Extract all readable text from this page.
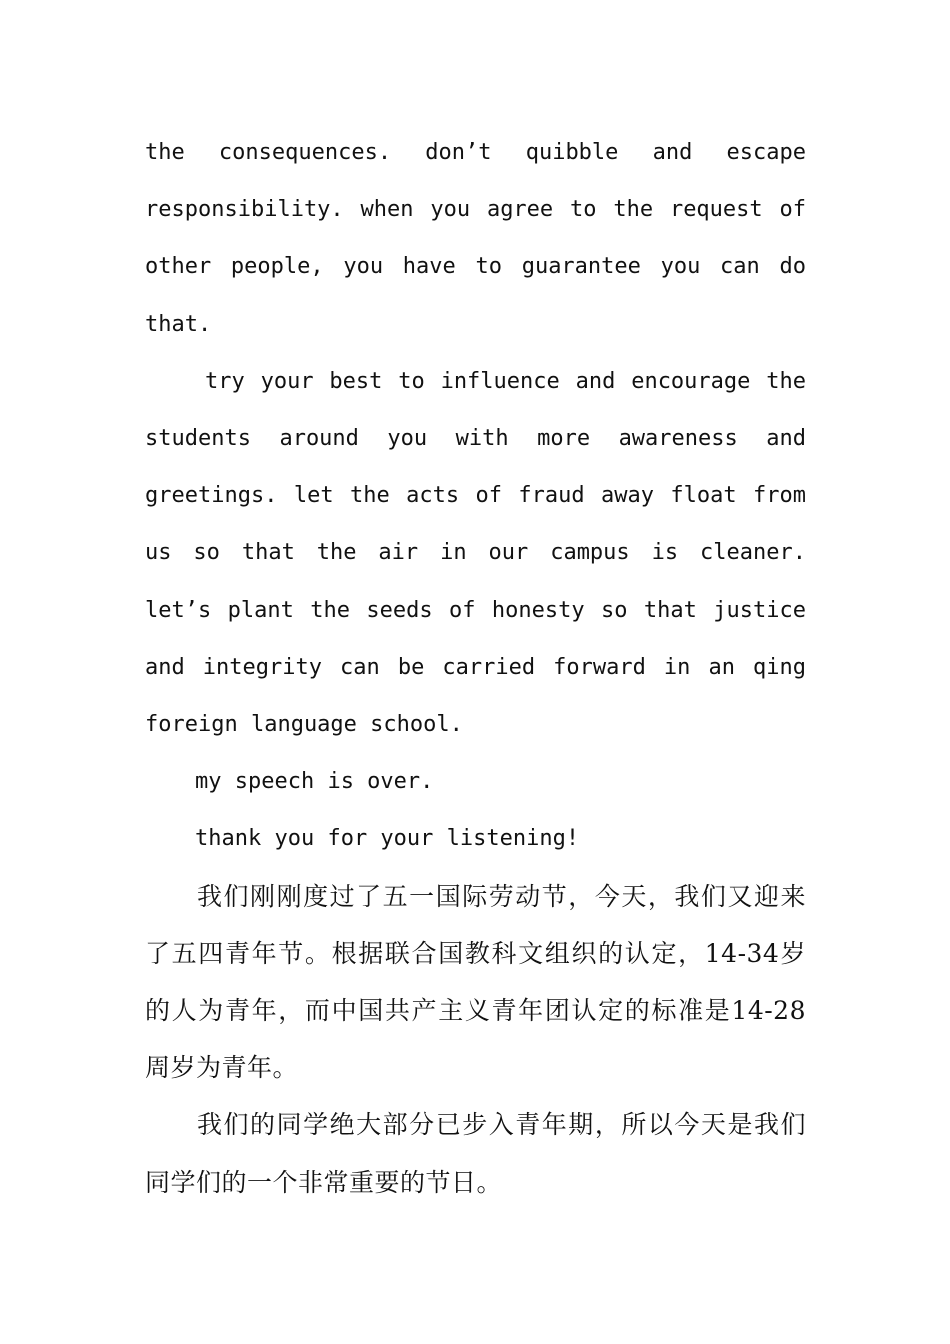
the consequences. don’t quibble and escape responsibility. when you agree to the request of other people, you have to guarantee you can do that.

try your best to influence and encourage the students around you with more awareness and greetings. let the acts of fraud away float from us so that the air in our campus is cleaner. let’s plant the seeds of honesty so that justice and integrity can be carried forward in an qing foreign language school.

my speech is over.

thank you for your listening!

我们刚刚度过了五一国际劳动节，今天，我们又迎来了五四青年节。根据联合国教科文组织的认定，14-34岁的人为青年，而中国共产主义青年团认定的标准是14-28周岁为青年。

我们的同学绝大部分已步入青年期，所以今天是我们同学们的一个非常重要的节日。
